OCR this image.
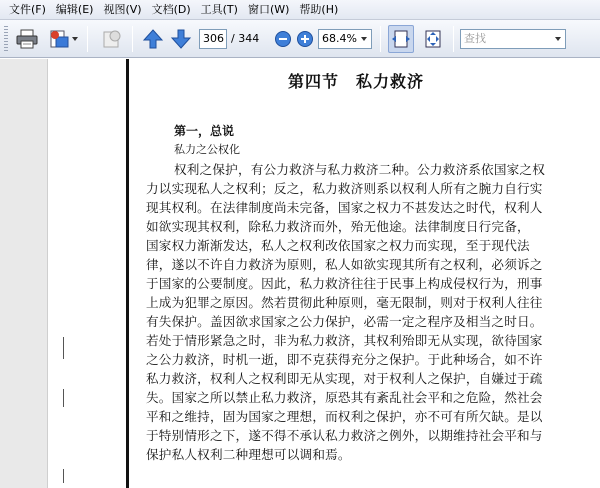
文件(F) 编辑(E) 视图(V) 文档(D) 工具(T) 窗口(W) 帮助(H)
306 / 344	68.4%	查找
第四节　私力救济
第一，总说
私力之公权化
权利之保护，有公力救济与私力救济二种。公力救济系依国家之权
力以实现私人之权利；反之，私力救济则系以权利人所有之腕力自行实
现其权利。在法律制度尚未完备，国家之权力不甚发达之时代，权利人
如欲实现其权利，除私力救济而外，殆无他途。法律制度日行完备，
国家权力渐渐发达，私人之权利改依国家之权力而实现，至于现代法
律，遂以不许自力救济为原则，私人如欲实现其所有之权利，必须诉之
于国家的公要制度。因此，私力救济往往于民事上构成侵权行为，刑事
上成为犯罪之原因。然若贯彻此种原则，毫无限制，则对于权利人往往
有失保护。盖因欲求国家之公力保护，必需一定之程序及相当之时日。
若处于情形紧急之时，非为私力救济，其权利殆即无从实现，欲待国家
之公力救济，时机一逝，即不克获得充分之保护。于此种场合，如不许
私力救济，权利人之权利即无从实现，对于权利人之保护，自嫌过于疏
失。国家之所以禁止私力救济，原恐其有紊乱社会平和之危险，然社会
平和之维持，固为国家之理想，而权利之保护，亦不可有所欠缺。是以
于特别情形之下，遂不得不承认私力救济之例外，以期维持社会平和与
保护私人权利二种理想可以调和焉。
